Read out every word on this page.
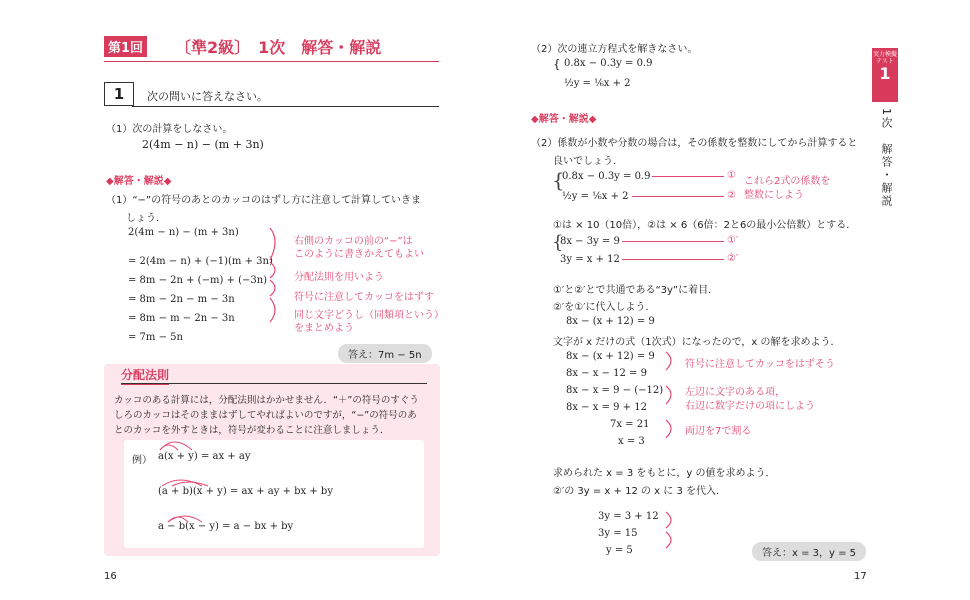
第1回 〔準2級〕　1次　解答・解説
1	次の問いに答えなさい。
（1）次の計算をしなさい。
2(4m − n) − (m + 3n)
◆解答・解説◆
（1）“−”の符号のあとのカッコのはずし方に注意して計算していきま
しょう．
2(4m − n) − (m + 3n)
= 2(4m − n) + (−1)(m + 3n)
= 8m − 2n + (−m) + (−3n)
= 8m − 2n − m − 3n
= 8m − m − 2n − 3n
= 7m − 5n
右側のカッコの前の“−”は
このように書きかえてもよい
分配法則を用いよう
符号に注意してカッコをはずす
同じ文字どうし（同類項という）
をまとめよう
答え：7m − 5n
分配法則
カッコのある計算には，分配法則はかかせません．“＋”の符号のすぐう
しろのカッコはそのままはずしてやればよいのですが，“−”の符号のあ
とのカッコを外すときは，符号が変わることに注意しましょう．
例） a(x + y) = ax + ay
(a + b)(x + y) = ax + ay + bx + by
a − b(x − y) = a − bx + by
16
（2）次の連立方程式を解きなさい。
{ 0.8x − 0.3y = 0.9
½y = ⅙x + 2
◆解答・解説◆
（2）係数が小数や分数の場合は，その係数を整数にしてから計算すると
良いでしょう．
{
0.8x − 0.3y = 0.9
½y = ⅙x + 2
①
②
これら2式の係数を
整数にしよう
①は × 10（10倍），②は × 6（6倍：2と6の最小公倍数）とする．
{
8x − 3y = 9
3y = x + 12
①′
②′
①′と②′とで共通である“3y”に着目．
②′を①′に代入しよう．
8x − (x + 12) = 9
文字が x だけの式（1次式）になったので，x の解を求めよう．
8x − (x + 12) = 9
8x − x − 12 = 9
8x − x = 9 − (−12)
8x − x = 9 + 12
7x = 21
x = 3
符号に注意してカッコをはずそう
左辺に文字のある項，
右辺に数字だけの項にしよう
両辺を7で割る
求められた x = 3 をもとに，y の値を求めよう．
②′の 3y = x + 12 の x に 3 を代入．
3y = 3 + 12
3y = 15
y = 5	答え：x = 3，y = 5
実力模擬テスト
1
1次　解答・解説
17
